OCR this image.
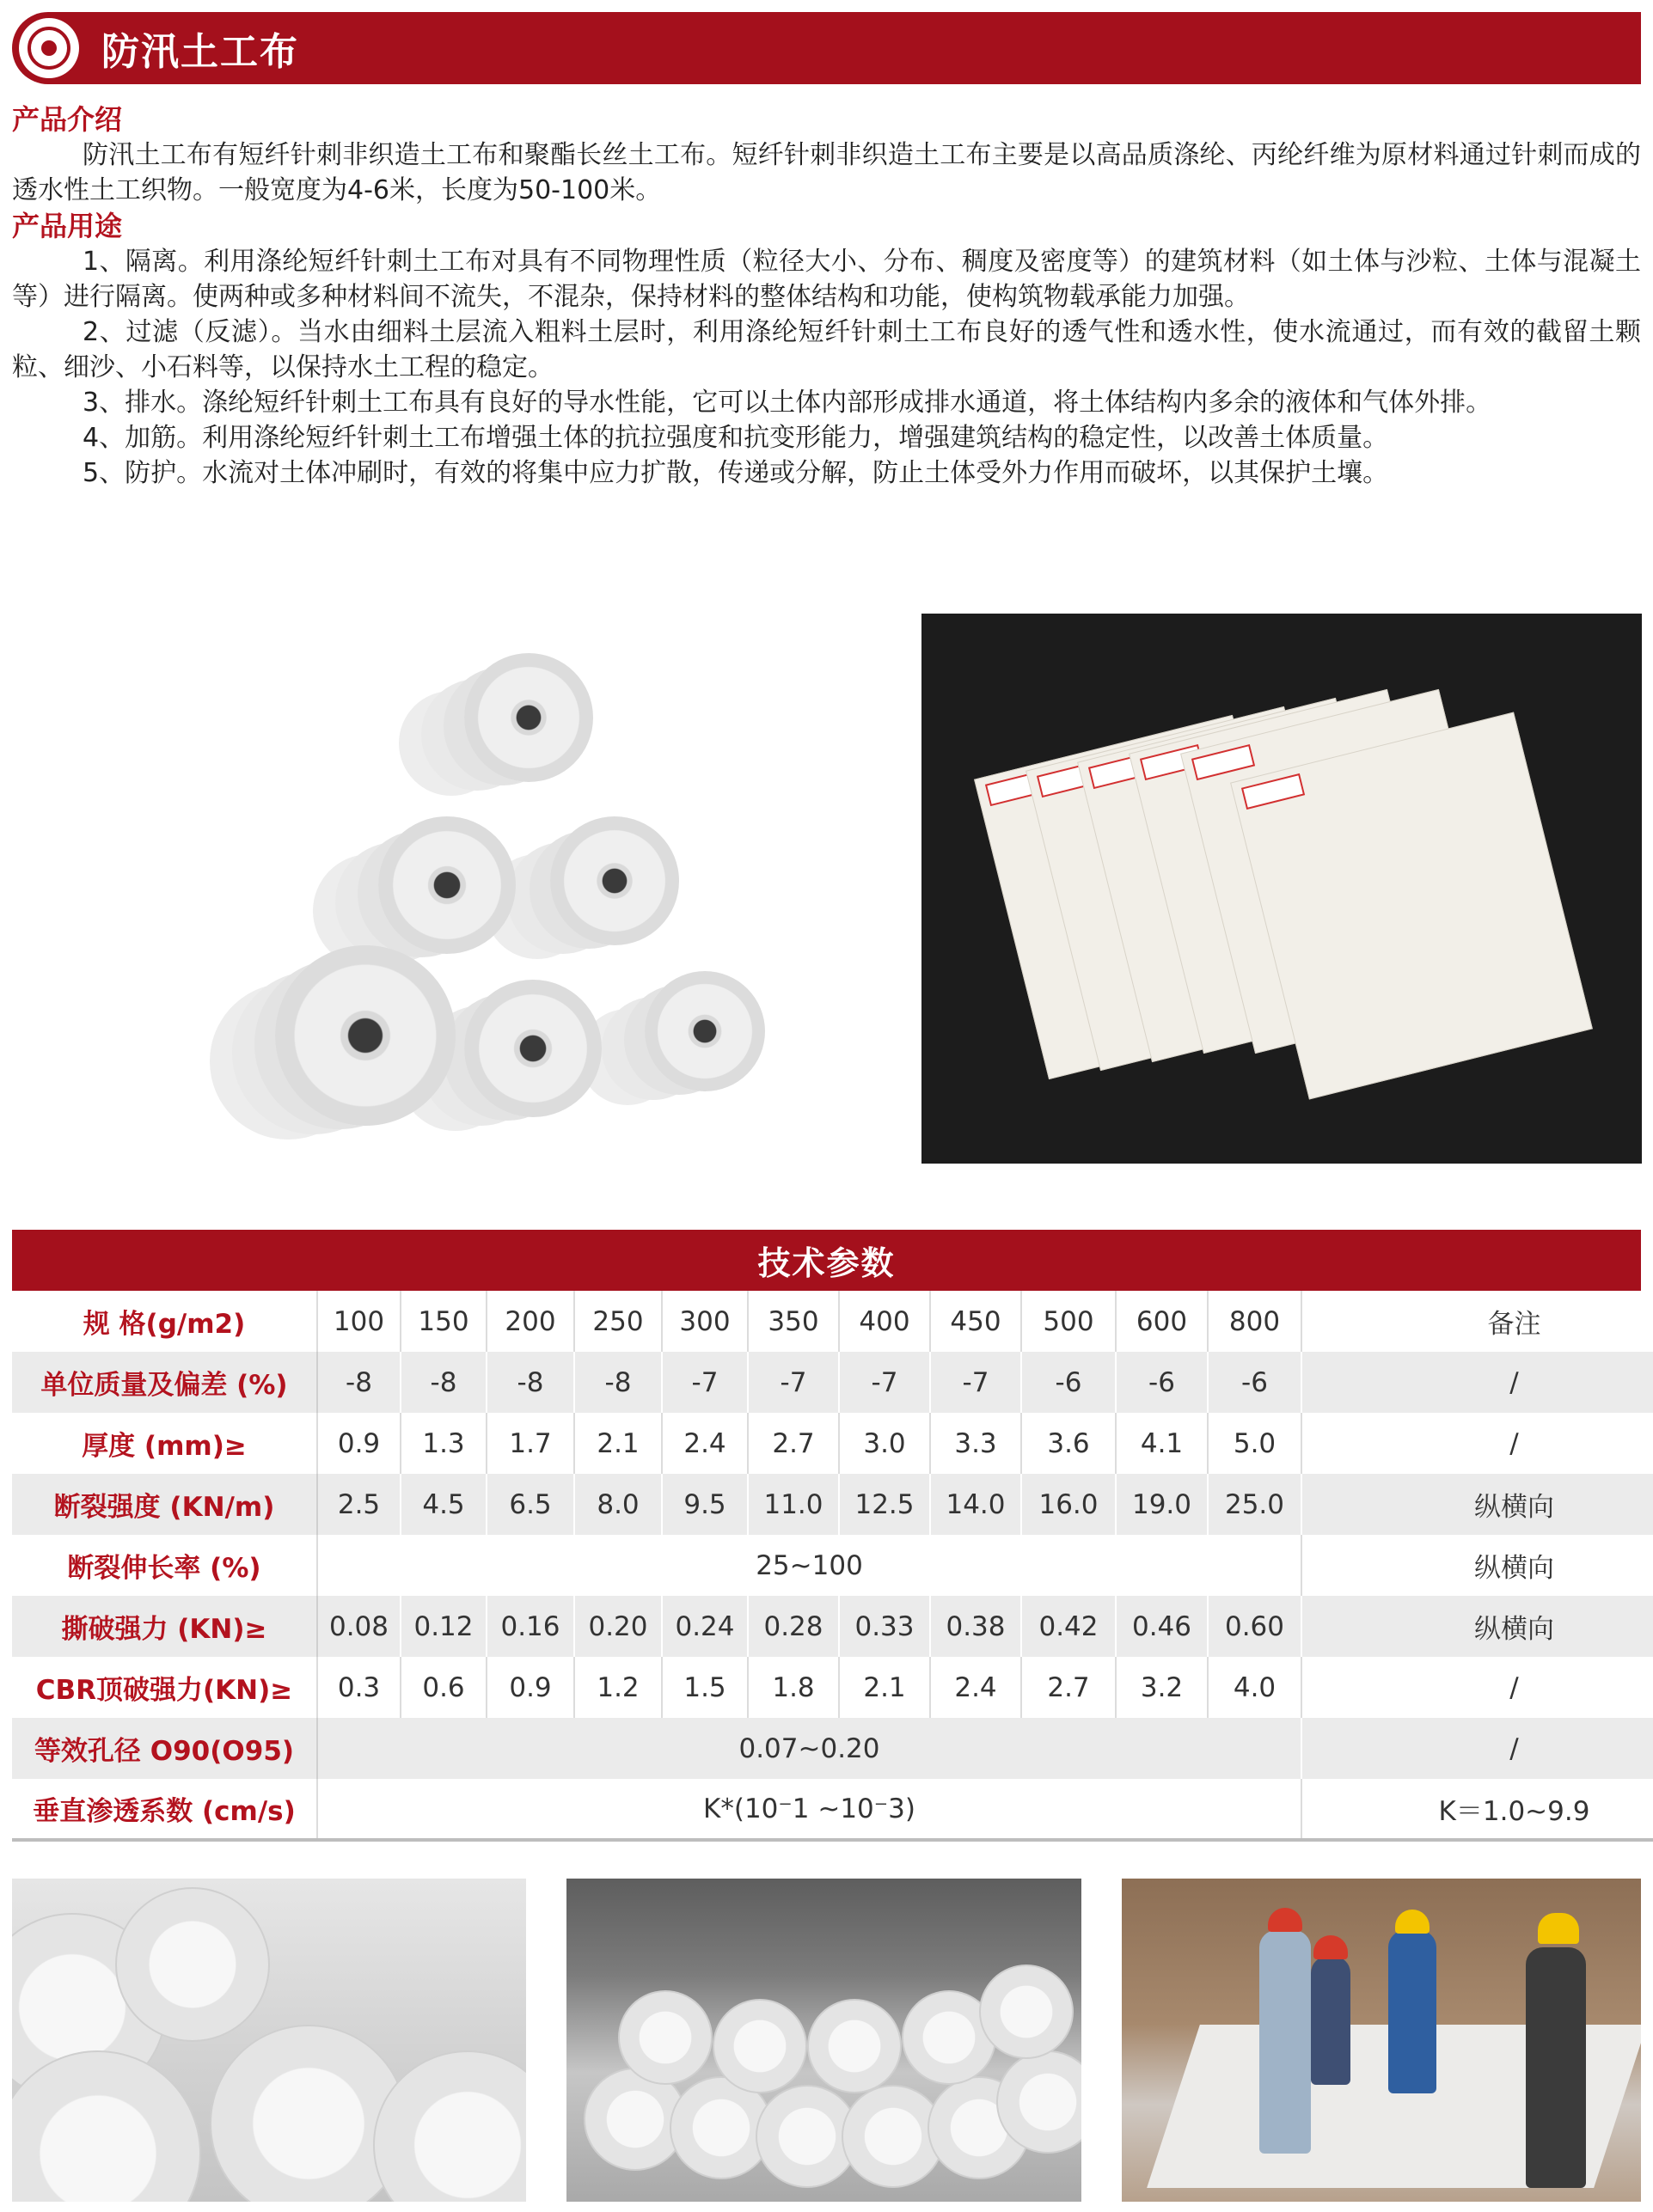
防汛土工布
产品介绍

防汛土工布有短纤针刺非织造土工布和聚酯长丝土工布。短纤针刺非织造土工布主要是以高品质涤纶、丙纶纤维为原材料通过针刺而成的透水性土工织物。一般宽度为4-6米，长度为50-100米。

产品用途

1、隔离。利用涤纶短纤针刺土工布对具有不同物理性质（粒径大小、分布、稠度及密度等）的建筑材料（如土体与沙粒、土体与混凝土等）进行隔离。使两种或多种材料间不流失，不混杂，保持材料的整体结构和功能，使构筑物载承能力加强。

2、过滤（反滤）。当水由细料土层流入粗料土层时，利用涤纶短纤针刺土工布良好的透气性和透水性，使水流通过，而有效的截留土颗粒、细沙、小石料等，以保持水土工程的稳定。

3、排水。涤纶短纤针刺土工布具有良好的导水性能，它可以土体内部形成排水通道，将土体结构内多余的液体和气体外排。

4、加筋。利用涤纶短纤针刺土工布增强土体的抗拉强度和抗变形能力，增强建筑结构的稳定性，以改善土体质量。

5、防护。水流对土体冲刷时，有效的将集中应力扩散，传递或分解，防止土体受外力作用而破坏，以其保护土壤。

技术参数
规 格(g/m2)	100	150	200	250	300	350	400	450	500	600	800	备注
单位质量及偏差 (%)	-8	-8	-8	-8	-7	-7	-7	-7	-6	-6	-6	/
厚度 (mm)≥	0.9	1.3	1.7	2.1	2.4	2.7	3.0	3.3	3.6	4.1	5.0	/
断裂强度 (KN/m)	2.5	4.5	6.5	8.0	9.5	11.0	12.5	14.0	16.0	19.0	25.0	纵横向
断裂伸长率 (%)	25~100											纵横向
撕破强力 (KN)≥	0.08	0.12	0.16	0.20	0.24	0.28	0.33	0.38	0.42	0.46	0.60	纵横向
CBR顶破强力(KN)≥	0.3	0.6	0.9	1.2	1.5	1.8	2.1	2.4	2.7	3.2	4.0	/
等效孔径 O90(O95)	0.07~0.20											/
垂直渗透系数 (cm/s)	K*(10⁻1 ~10⁻3)											K＝1.0~9.9
